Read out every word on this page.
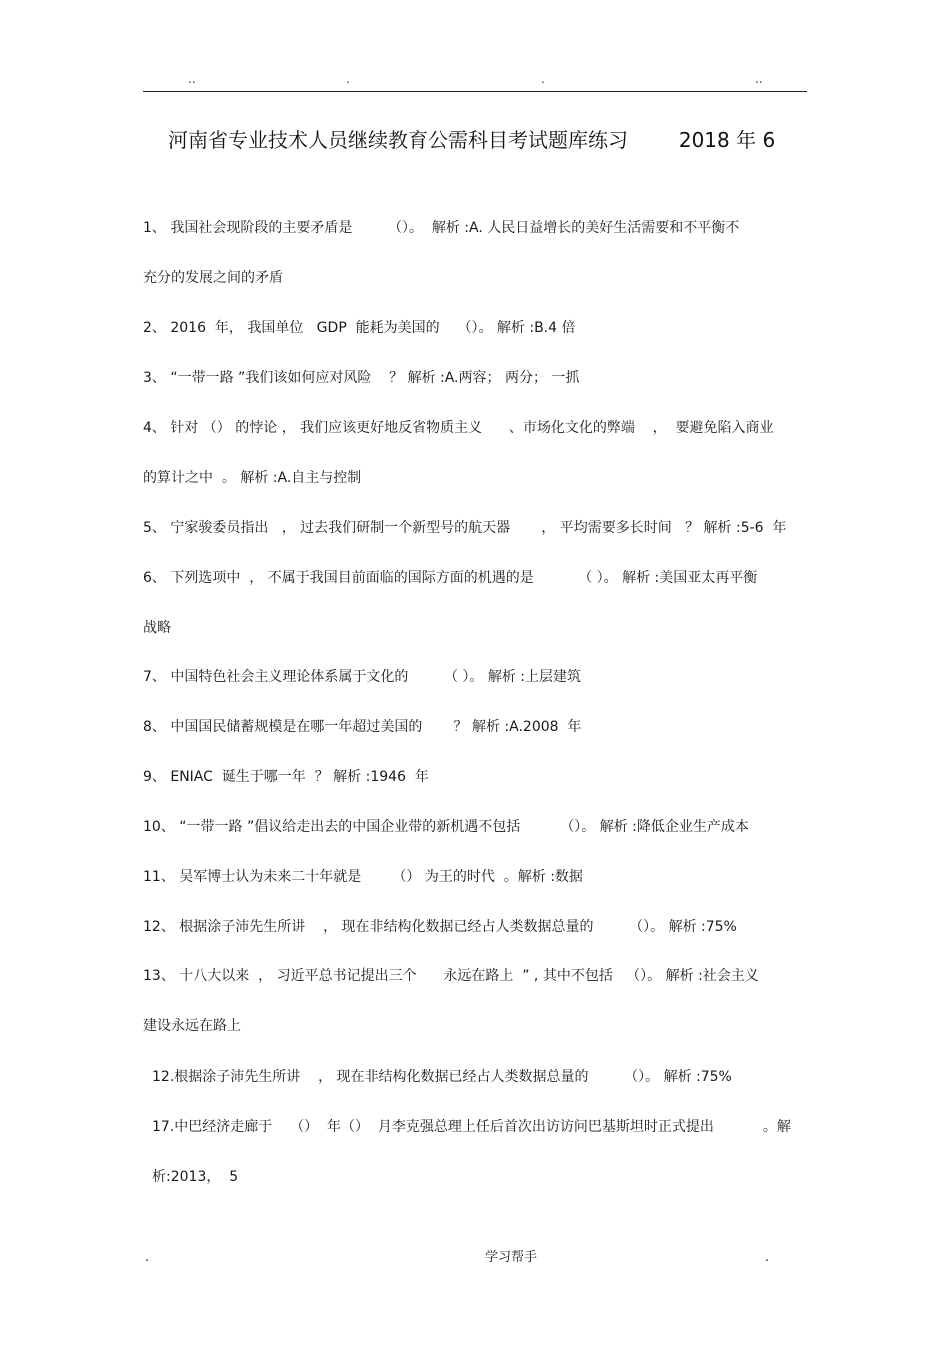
..	.	.	..
河南省专业技术人员继续教育公需科目考试题库练习        2018 年 6
1、 我国社会现阶段的主要矛盾是        （）。  解析 :A. 人民日益增长的美好生活需要和不平衡不
充分的发展之间的矛盾
2、 2016  年， 我国单位   GDP  能耗为美国的    （）。 解析 :B.4 倍
3、 “一带一路 ”我们该如何应对风险    ？ 解析 :A.两容； 两分； 一抓
4、 针对 （） 的悖论 ， 我们应该更好地反省物质主义      、市场化文化的弊端    ，  要避免陷入商业
的算计之中  。 解析 :A.自主与控制
5、 宁家骏委员指出   ， 过去我们研制一个新型号的航天器       ， 平均需要多长时间   ？ 解析 :5-6  年
6、 下列选项中  ， 不属于我国目前面临的国际方面的机遇的是          （ ）。 解析 :美国亚太再平衡
战略
7、 中国特色社会主义理论体系属于文化的        （ ）。 解析 :上层建筑
8、 中国国民储蓄规模是在哪一年超过美国的       ？ 解析 :A.2008  年
9、 ENIAC  诞生于哪一年  ？ 解析 :1946  年
10、 “一带一路 ”倡议给走出去的中国企业带的新机遇不包括         （）。 解析 :降低企业生产成本
11、 吴军博士认为未来二十年就是       （） 为王的时代  。解析 :数据
12、 根据涂子沛先生所讲    ， 现在非结构化数据已经占人类数据总量的        （）。 解析 :75%
13、 十八大以来  ， 习近平总书记提出三个      永远在路上  ” , 其中不包括   （）。 解析 :社会主义
建设永远在路上
12.根据涂子沛先生所讲    ， 现在非结构化数据已经占人类数据总量的        （）。 解析 :75%
17.中巴经济走廊于    （）  年（）  月李克强总理上任后首次出访访问巴基斯坦时正式提出           。解
析:2013，  5
.	学习帮手	.
